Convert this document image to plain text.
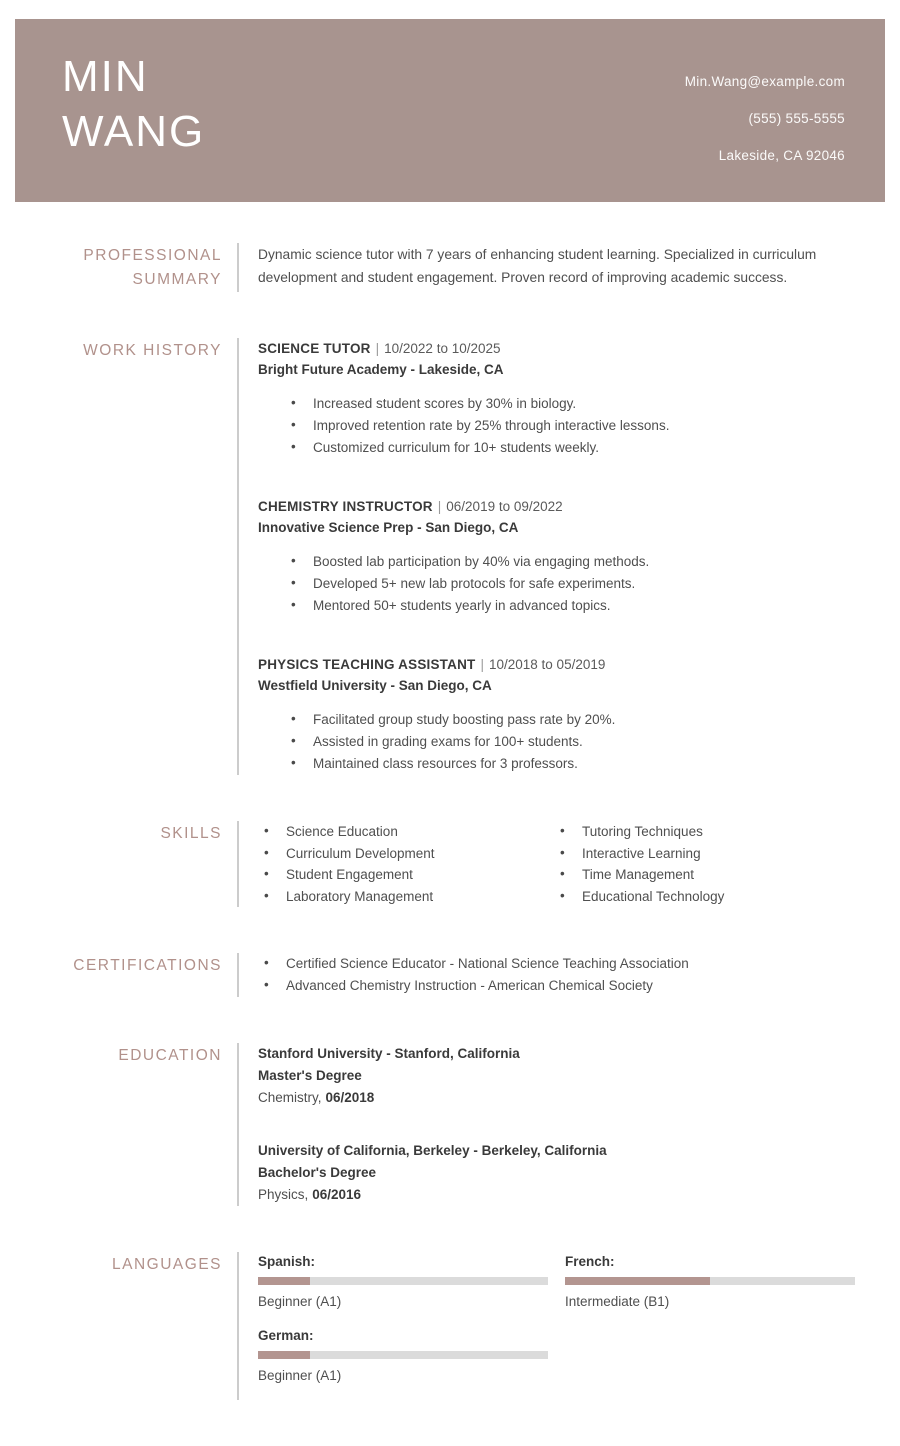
MIN
WANG
Min.Wang@example.com
(555) 555-5555
Lakeside, CA 92046
PROFESSIONAL
SUMMARY
Dynamic science tutor with 7 years of enhancing student learning. Specialized in curriculum development and student engagement. Proven record of improving academic success.
WORK HISTORY	SCIENCE TUTOR | 10/2022 to 10/2025
Bright Future Academy - Lakeside, CA
• Increased student scores by 30% in biology.
• Improved retention rate by 25% through interactive lessons.
• Customized curriculum for 10+ students weekly.
CHEMISTRY INSTRUCTOR | 06/2019 to 09/2022
Innovative Science Prep - San Diego, CA
• Boosted lab participation by 40% via engaging methods.
• Developed 5+ new lab protocols for safe experiments.
• Mentored 50+ students yearly in advanced topics.
PHYSICS TEACHING ASSISTANT | 10/2018 to 05/2019
Westfield University - San Diego, CA
• Facilitated group study boosting pass rate by 20%.
• Assisted in grading exams for 100+ students.
• Maintained class resources for 3 professors.
SKILLS	• Science Education
• Curriculum Development
• Student Engagement
• Laboratory Management
• Tutoring Techniques
• Interactive Learning
• Time Management
• Educational Technology
CERTIFICATIONS	• Certified Science Educator - National Science Teaching Association
• Advanced Chemistry Instruction - American Chemical Society
EDUCATION	Stanford University - Stanford, California
Master's Degree
Chemistry, 06/2018
University of California, Berkeley - Berkeley, California
Bachelor's Degree
Physics, 06/2016
LANGUAGES	Spanish:
Beginner (A1)
French:
Intermediate (B1)
German:
Beginner (A1)
